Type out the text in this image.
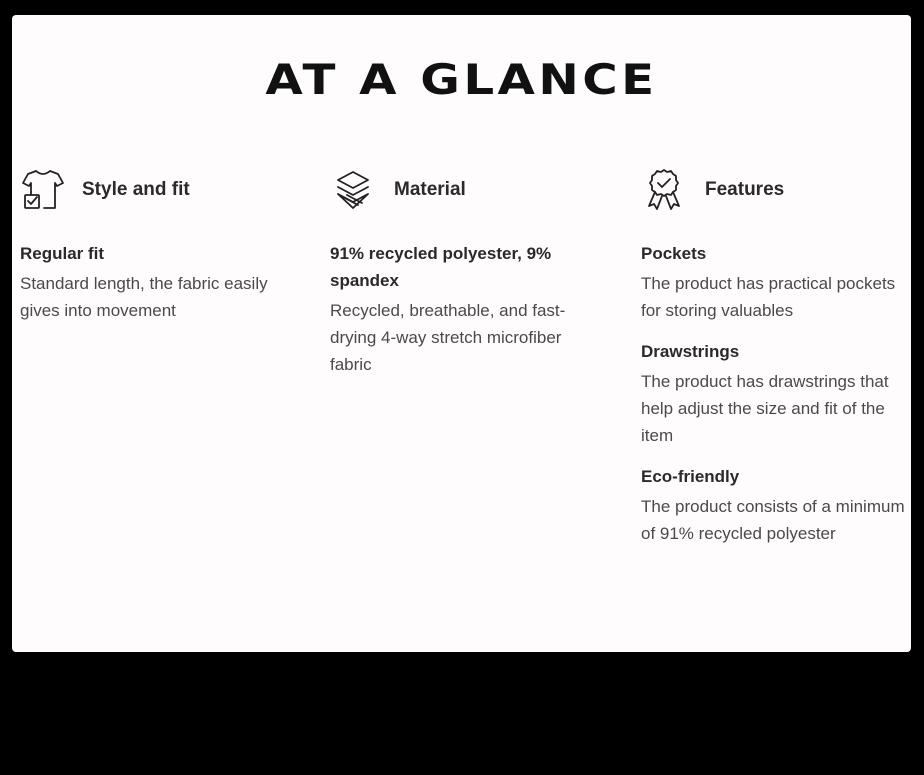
AT A GLANCE
Style and fit
Regular fit
Standard length, the fabric easily gives into movement
Material
91% recycled polyester, 9% spandex
Recycled, breathable, and fast-drying 4-way stretch microfiber fabric
Features
Pockets
The product has practical pockets for storing valuables
Drawstrings
The product has drawstrings that help adjust the size and fit of the item
Eco-friendly
The product consists of a minimum of 91% recycled polyester
